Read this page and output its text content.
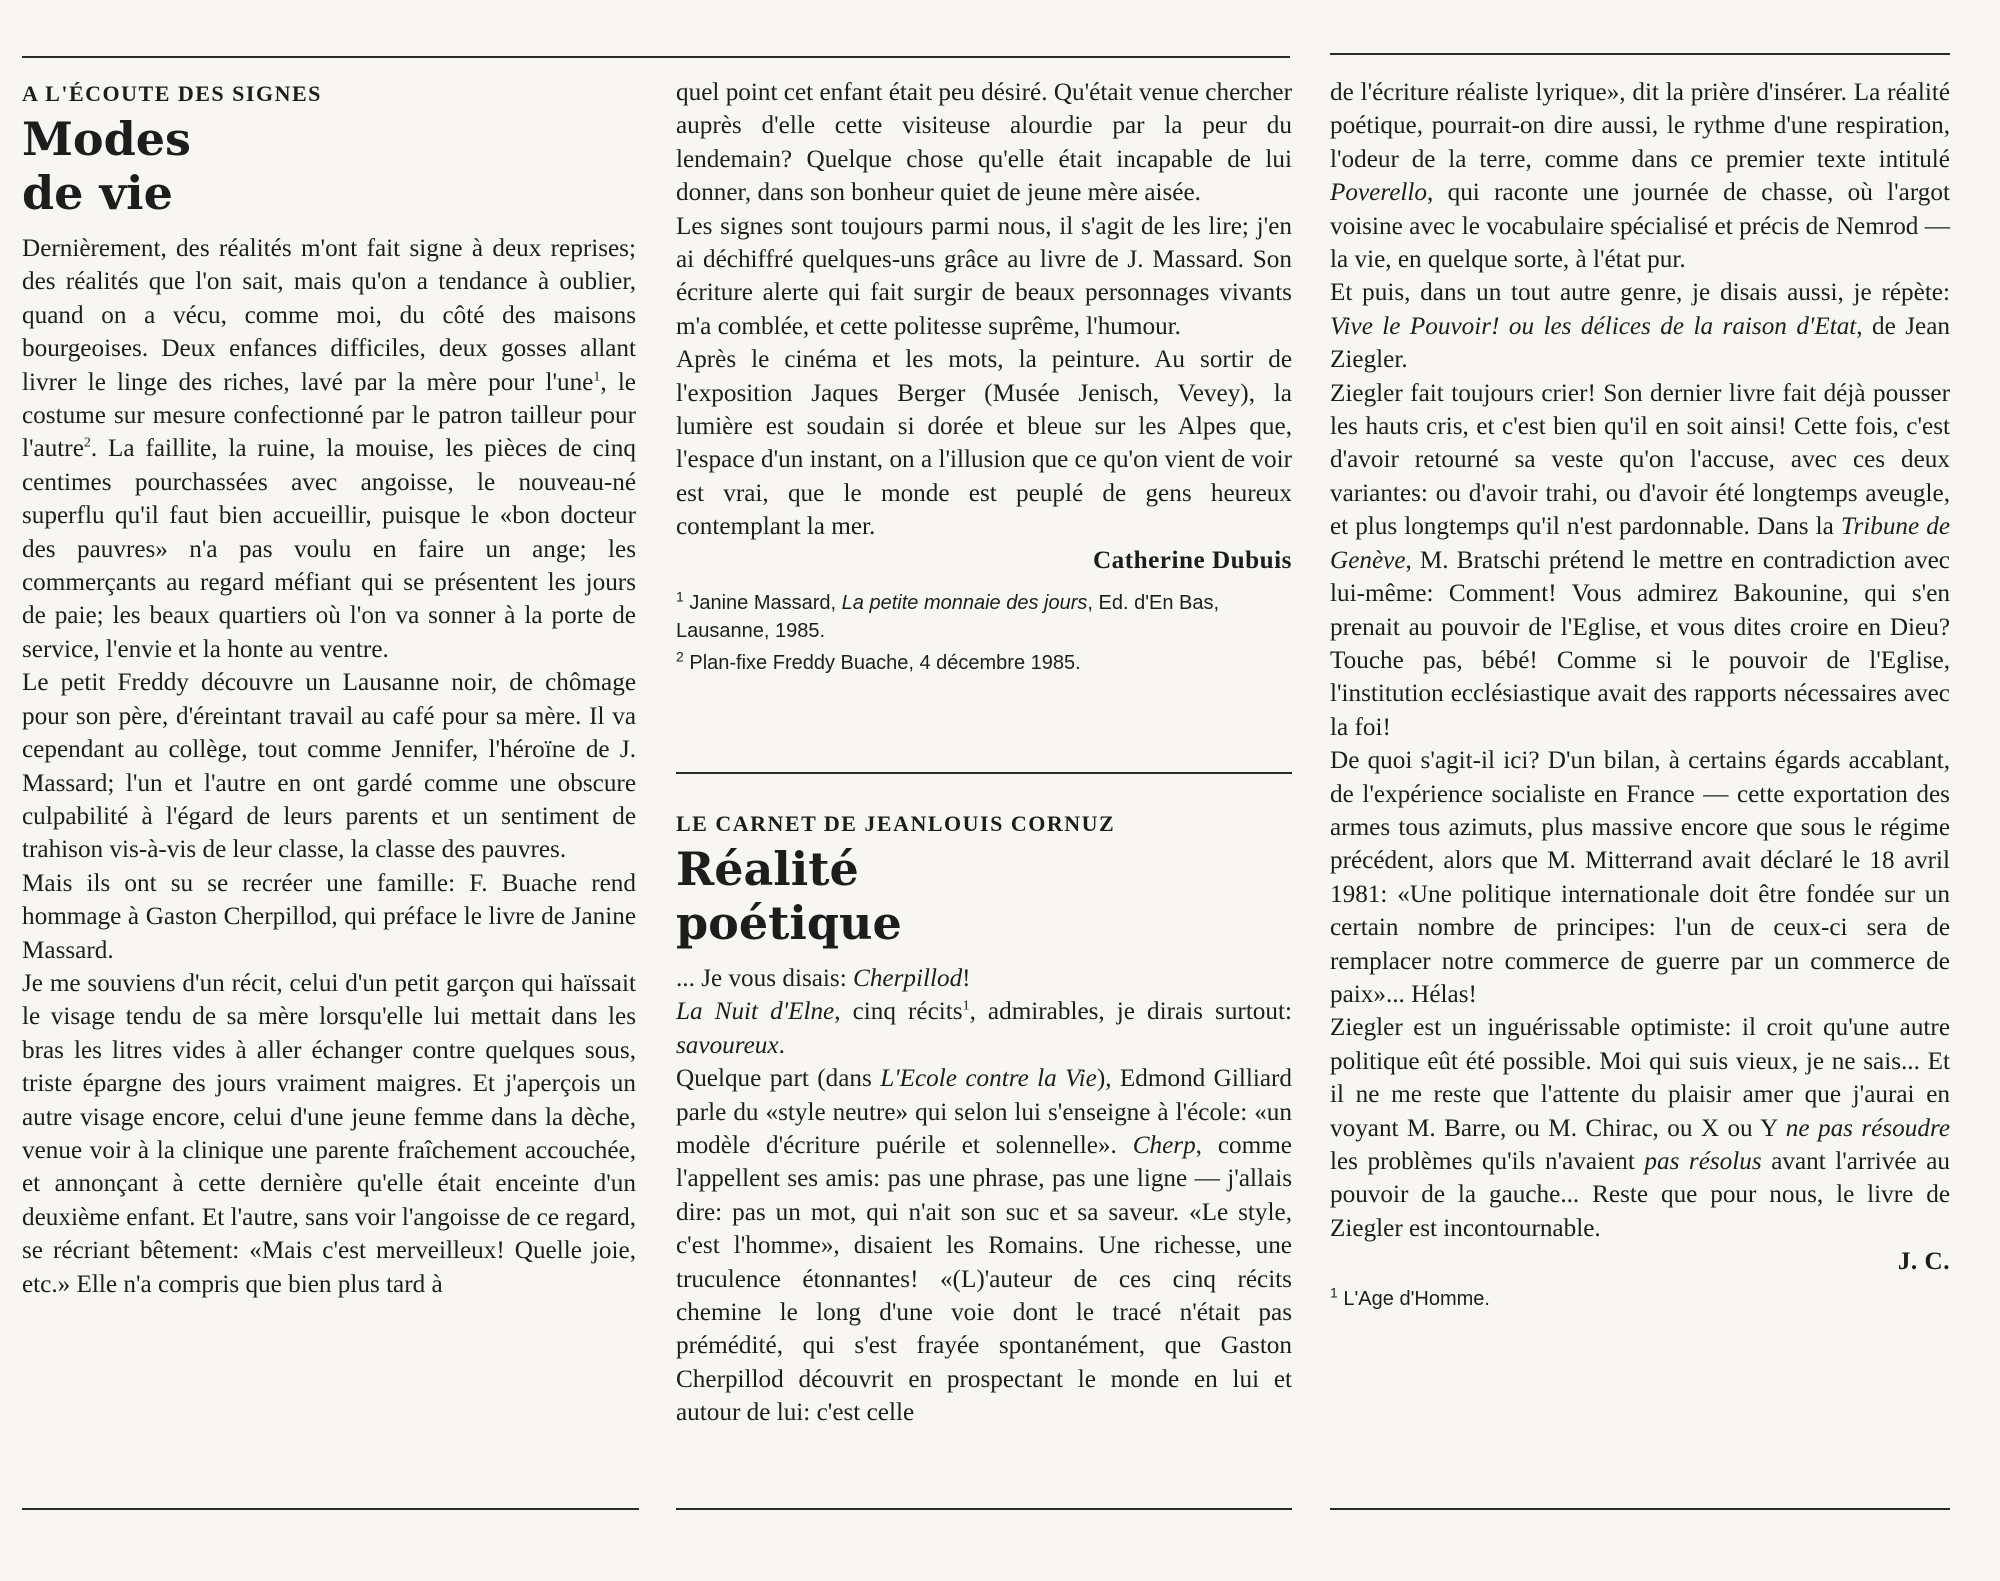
A L'ÉCOUTE DES SIGNES

Modes
de vie

Dernièrement, des réalités m'ont fait signe à deux reprises; des réalités que l'on sait, mais qu'on a tendance à oublier, quand on a vécu, comme moi, du côté des maisons bourgeoises. Deux enfances difficiles, deux gosses allant livrer le linge des riches, lavé par la mère pour l'une$^1$, le costume sur mesure confectionné par le patron tailleur pour l'autre$^2$. La faillite, la ruine, la mouise, les pièces de cinq centimes pourchassées avec angoisse, le nouveau-né superflu qu'il faut bien accueillir, puisque le «bon docteur des pauvres» n'a pas voulu en faire un ange; les commerçants au regard méfiant qui se présentent les jours de paie; les beaux quartiers où l'on va sonner à la porte de service, l'envie et la honte au ventre.

Le petit Freddy découvre un Lausanne noir, de chômage pour son père, d'éreintant travail au café pour sa mère. Il va cependant au collège, tout comme Jennifer, l'héroïne de J. Massard; l'un et l'autre en ont gardé comme une obscure culpabilité à l'égard de leurs parents et un sentiment de trahison vis-à-vis de leur classe, la classe des pauvres.

Mais ils ont su se recréer une famille: F. Buache rend hommage à Gaston Cherpillod, qui préface le livre de Janine Massard.

Je me souviens d'un récit, celui d'un petit garçon qui haïssait le visage tendu de sa mère lorsqu'elle lui mettait dans les bras les litres vides à aller échanger contre quelques sous, triste épargne des jours vraiment maigres. Et j'aperçois un autre visage encore, celui d'une jeune femme dans la dèche, venue voir à la clinique une parente fraîchement accouchée, et annonçant à cette dernière qu'elle était enceinte d'un deuxième enfant. Et l'autre, sans voir l'angoisse de ce regard, se récriant bêtement: «Mais c'est merveilleux! Quelle joie, etc.» Elle n'a compris que bien plus tard à

quel point cet enfant était peu désiré. Qu'était venue chercher auprès d'elle cette visiteuse alourdie par la peur du lendemain? Quelque chose qu'elle était incapable de lui donner, dans son bonheur quiet de jeune mère aisée.

Les signes sont toujours parmi nous, il s'agit de les lire; j'en ai déchiffré quelques-uns grâce au livre de J. Massard. Son écriture alerte qui fait surgir de beaux personnages vivants m'a comblée, et cette politesse suprême, l'humour.

Après le cinéma et les mots, la peinture. Au sortir de l'exposition Jaques Berger (Musée Jenisch, Vevey), la lumière est soudain si dorée et bleue sur les Alpes que, l'espace d'un instant, on a l'illusion que ce qu'on vient de voir est vrai, que le monde est peuplé de gens heureux contemplant la mer.

Catherine Dubuis

$^1$ Janine Massard, La petite monnaie des jours, Ed. d'En Bas, Lausanne, 1985.

$^2$ Plan-fixe Freddy Buache, 4 décembre 1985.

LE CARNET DE JEANLOUIS CORNUZ

Réalité
poétique

... Je vous disais: Cherpillod!

La Nuit d'Elne, cinq récits$^1$, admirables, je dirais surtout: savoureux.

Quelque part (dans L'Ecole contre la Vie), Edmond Gilliard parle du «style neutre» qui selon lui s'enseigne à l'école: «un modèle d'écriture puérile et solennelle». Cherp, comme l'appellent ses amis: pas une phrase, pas une ligne — j'allais dire: pas un mot, qui n'ait son suc et sa saveur. «Le style, c'est l'homme», disaient les Romains. Une richesse, une truculence étonnantes! «(L)'auteur de ces cinq récits chemine le long d'une voie dont le tracé n'était pas prémédité, qui s'est frayée spontanément, que Gaston Cherpillod découvrit en prospectant le monde en lui et autour de lui: c'est celle

de l'écriture réaliste lyrique», dit la prière d'insérer. La réalité poétique, pourrait-on dire aussi, le rythme d'une respiration, l'odeur de la terre, comme dans ce premier texte intitulé Poverello, qui raconte une journée de chasse, où l'argot voisine avec le vocabulaire spécialisé et précis de Nemrod — la vie, en quelque sorte, à l'état pur.

Et puis, dans un tout autre genre, je disais aussi, je répète: Vive le Pouvoir! ou les délices de la raison d'Etat, de Jean Ziegler.

Ziegler fait toujours crier! Son dernier livre fait déjà pousser les hauts cris, et c'est bien qu'il en soit ainsi! Cette fois, c'est d'avoir retourné sa veste qu'on l'accuse, avec ces deux variantes: ou d'avoir trahi, ou d'avoir été longtemps aveugle, et plus longtemps qu'il n'est pardonnable. Dans la Tribune de Genève, M. Bratschi prétend le mettre en contradiction avec lui-même: Comment! Vous admirez Bakounine, qui s'en prenait au pouvoir de l'Eglise, et vous dites croire en Dieu? Touche pas, bébé! Comme si le pouvoir de l'Eglise, l'institution ecclésiastique avait des rapports nécessaires avec la foi!

De quoi s'agit-il ici? D'un bilan, à certains égards accablant, de l'expérience socialiste en France — cette exportation des armes tous azimuts, plus massive encore que sous le régime précédent, alors que M. Mitterrand avait déclaré le 18 avril 1981: «Une politique internationale doit être fondée sur un certain nombre de principes: l'un de ceux-ci sera de remplacer notre commerce de guerre par un commerce de paix»... Hélas!

Ziegler est un inguérissable optimiste: il croit qu'une autre politique eût été possible. Moi qui suis vieux, je ne sais... Et il ne me reste que l'attente du plaisir amer que j'aurai en voyant M. Barre, ou M. Chirac, ou X ou Y ne pas résoudre les problèmes qu'ils n'avaient pas résolus avant l'arrivée au pouvoir de la gauche... Reste que pour nous, le livre de Ziegler est incontournable.

J. C.

$^1$ L'Age d'Homme.
